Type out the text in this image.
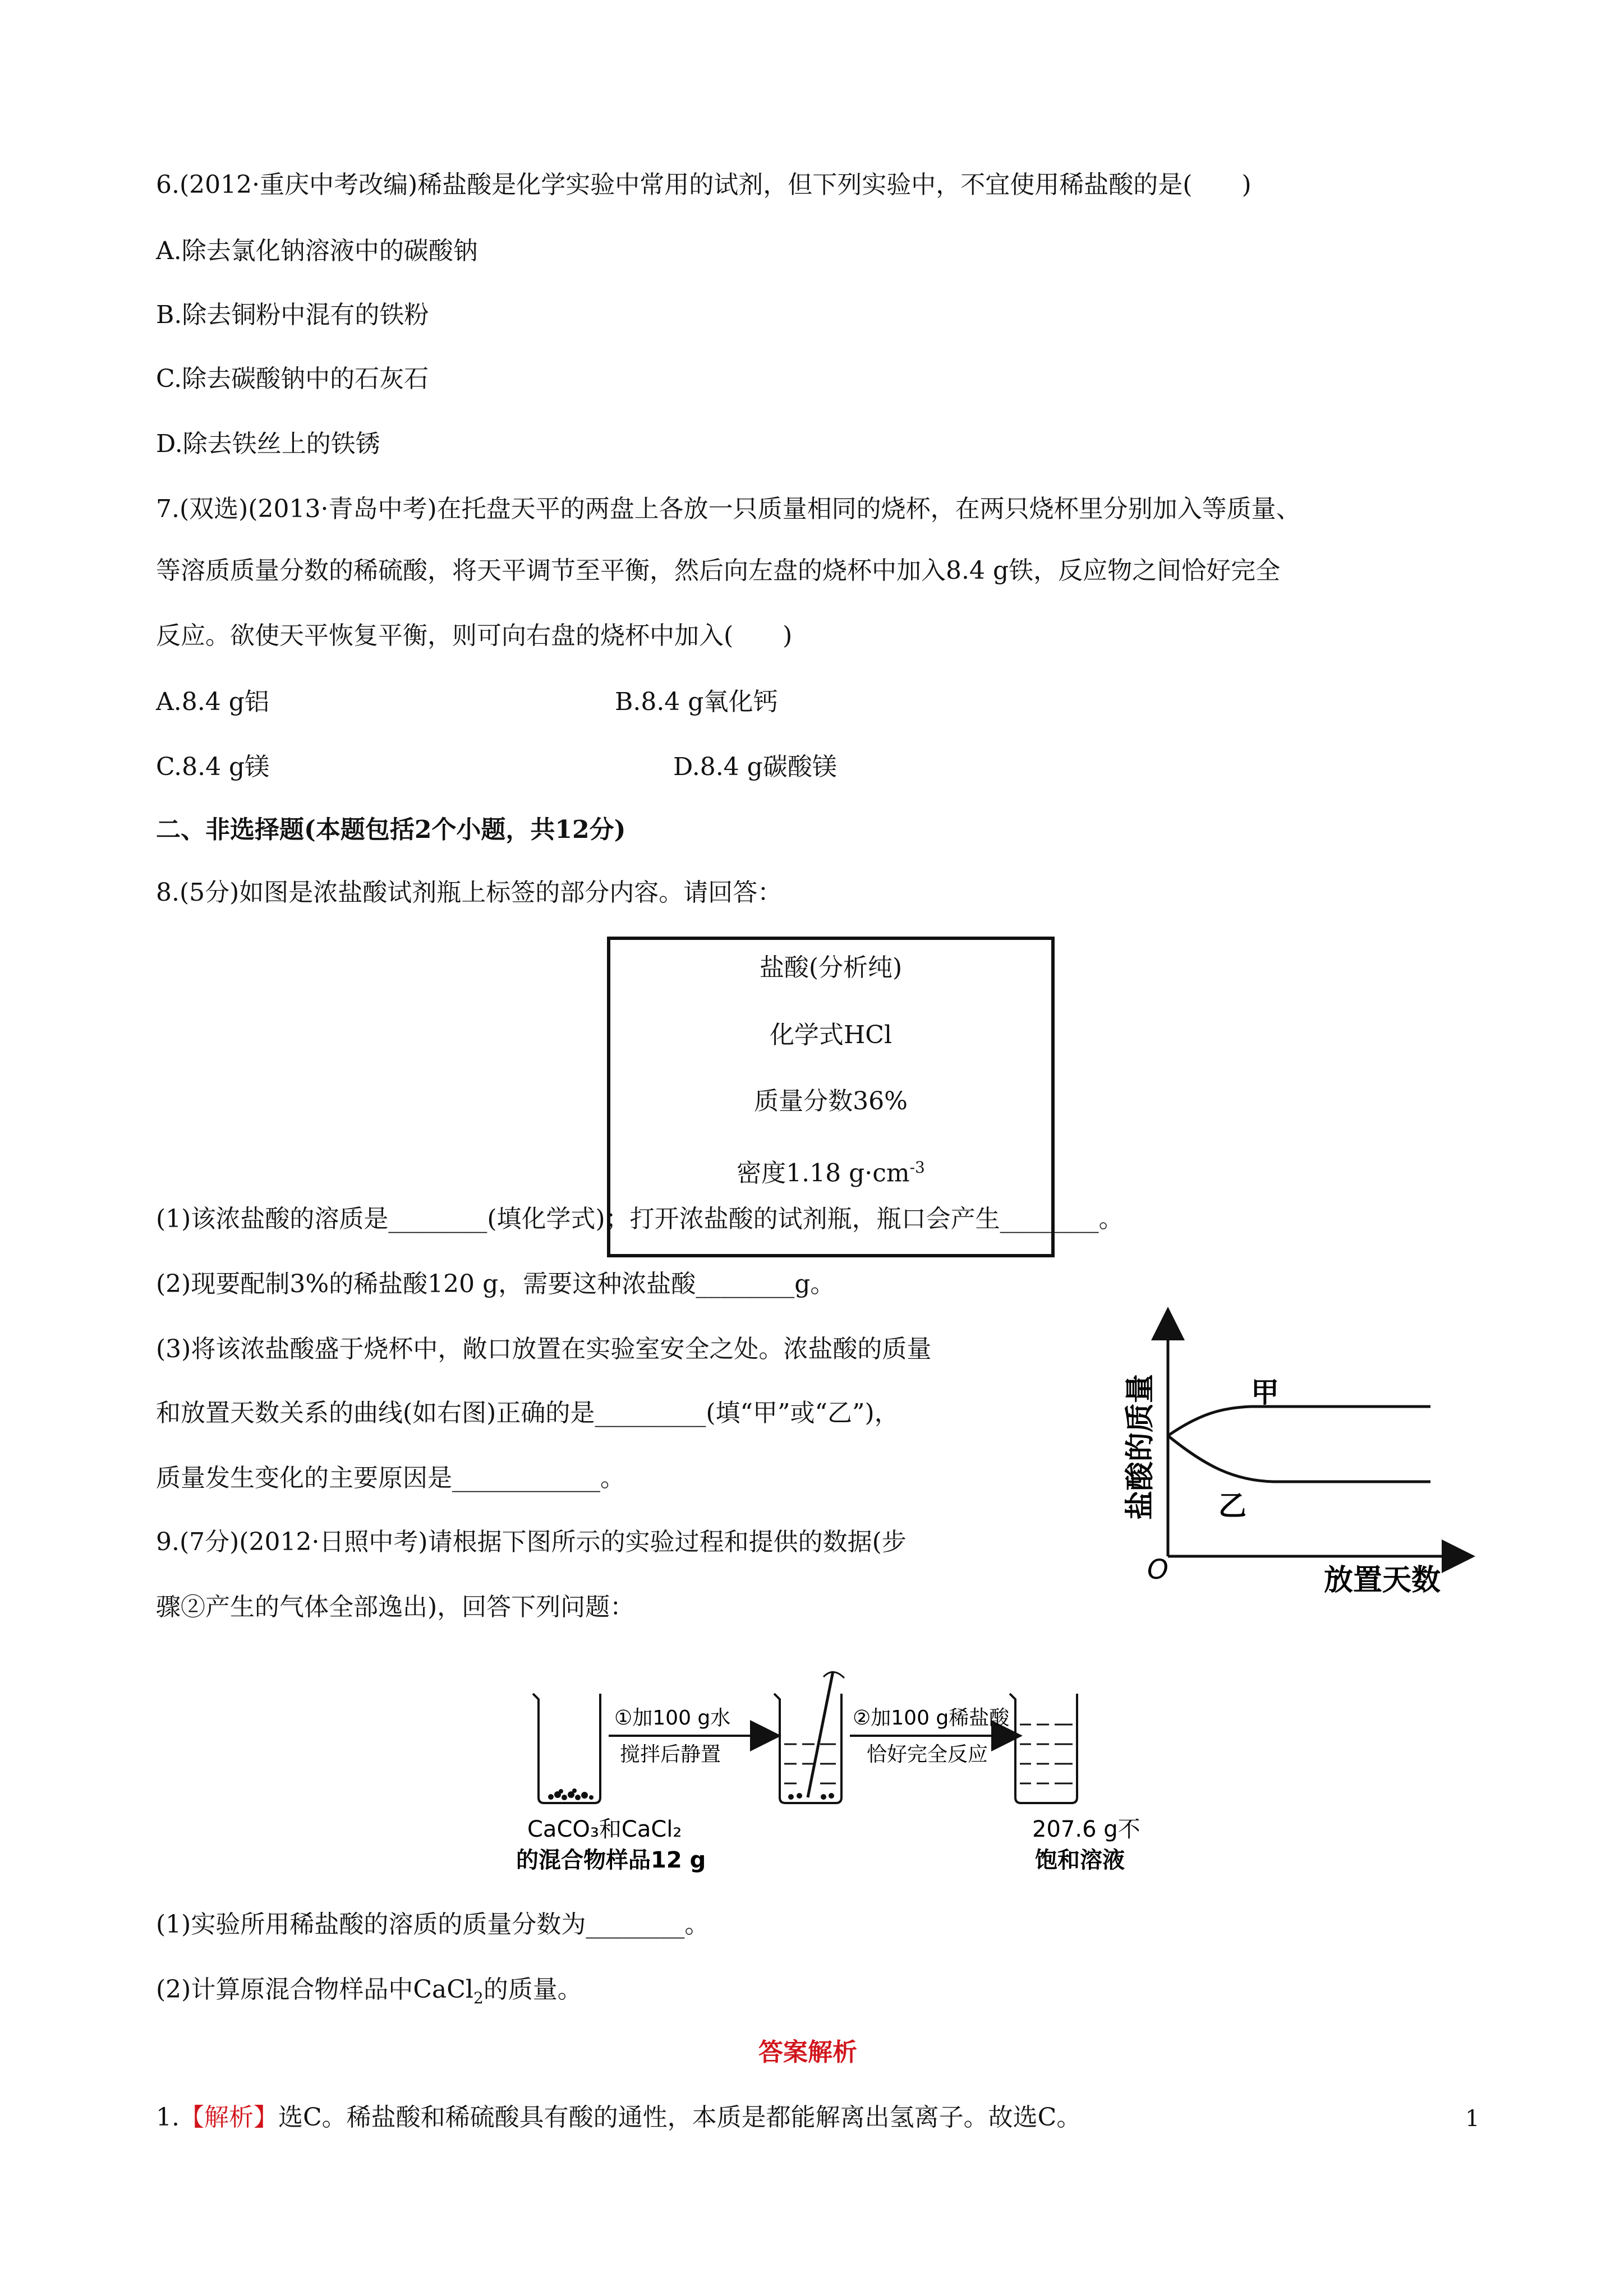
6.(2012·重庆中考改编)稀盐酸是化学实验中常用的试剂，但下列实验中，不宜使用稀盐酸的是(　　)
A.除去氯化钠溶液中的碳酸钠
B.除去铜粉中混有的铁粉
C.除去碳酸钠中的石灰石
D.除去铁丝上的铁锈
7.(双选)(2013·青岛中考)在托盘天平的两盘上各放一只质量相同的烧杯，在两只烧杯里分别加入等质量、
等溶质质量分数的稀硫酸，将天平调节至平衡，然后向左盘的烧杯中加入8.4 g铁，反应物之间恰好完全
反应。欲使天平恢复平衡，则可向右盘的烧杯中加入(　　)
A.8.4 g铝	B.8.4 g氧化钙
C.8.4 g镁	D.8.4 g碳酸镁
二、非选择题(本题包括2个小题，共12分)
8.(5分)如图是浓盐酸试剂瓶上标签的部分内容。请回答：
盐酸(分析纯)
化学式HCl
质量分数36%
密度1.18 $g\cdot cm^{-3}$
(1)该浓盐酸的溶质是________(填化学式)；打开浓盐酸的试剂瓶，瓶口会产生________。
(2)现要配制3%的稀盐酸120 g，需要这种浓盐酸________g。
(3)将该浓盐酸盛于烧杯中，敞口放置在实验室安全之处。浓盐酸的质量
和放置天数关系的曲线(如右图)正确的是_________(填“甲”或“乙”)，
质量发生变化的主要原因是____________。	盐酸的质量	甲
乙
O	放置天数
9.(7分)(2012·日照中考)请根据下图所示的实验过程和提供的数据(步
骤②产生的气体全部逸出)，回答下列问题：
①加100 g水
搅拌后静置
②加100 g稀盐酸
恰好完全反应
CaCO₃和CaCl₂
的混合物样品12 g
207.6 g不
饱和溶液
(1)实验所用稀盐酸的溶质的质量分数为________。
(2)计算原混合物样品中CaCl$_2$的质量。
答案解析
1.【解析】选C。稀盐酸和稀硫酸具有酸的通性，本质是都能解离出氢离子。故选C。	1
